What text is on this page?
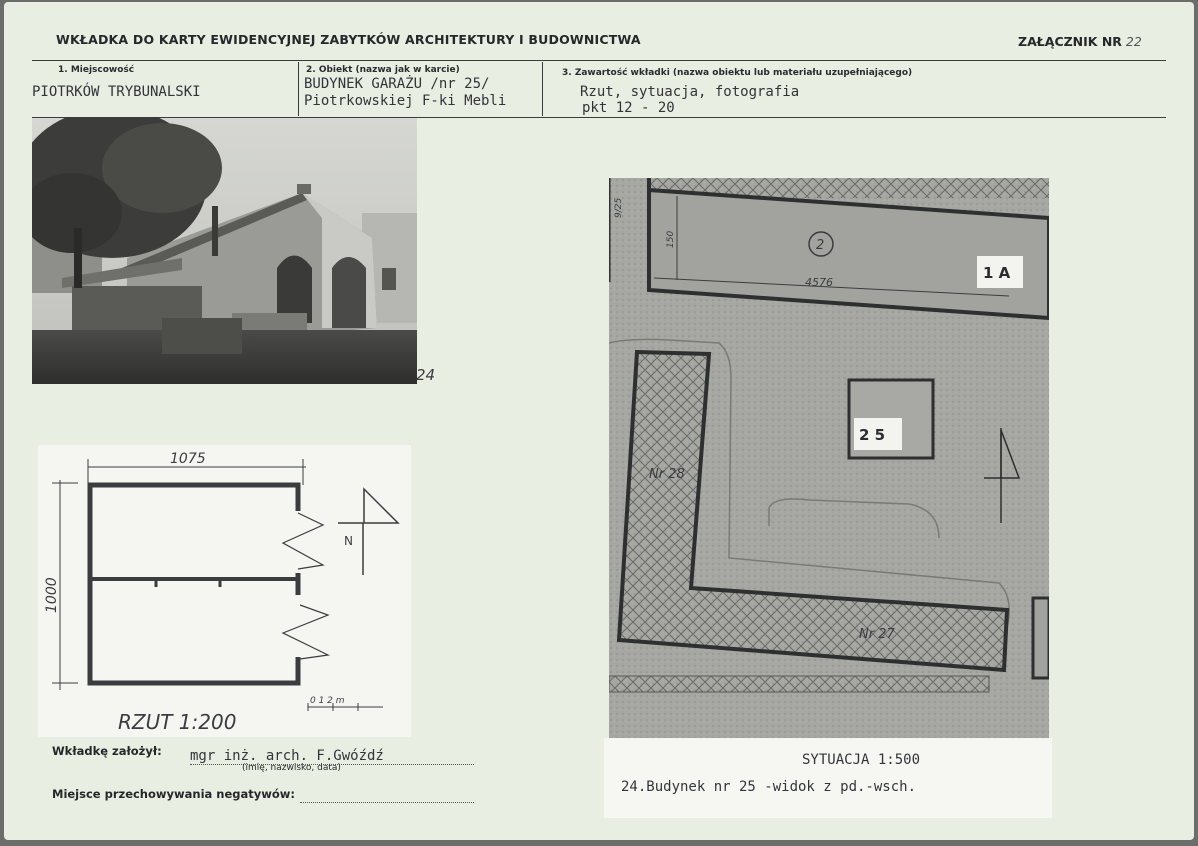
WKŁADKA DO KARTY EWIDENCYJNEJ ZABYTKÓW ARCHITEKTURY I BUDOWNICTWA	ZAŁĄCZNIK NR 22
1. Miejscowość
PIOTRKÓW TRYBUNALSKI
2. Obiekt (nazwa jak w karcie)
BUDYNEK GARAŻU /nr 25/
Piotrkowskiej F-ki Mebli
3. Zawartość wkładki (nazwa obiektu lub materiału uzupełniającego)
Rzut, sytuacja, fotografia
pkt 12 - 20
24
1075
1000
N
0 1 2 m
RZUT 1:200
2
4576
150
9/25
1 A
Nr 28
Nr 27
2 5
SYTUACJA 1:500
24.Budynek nr 25 -widok z pd.-wsch.
Wkładkę założył: mgr inż. arch. F.Gwóźdź
(imię, nazwisko, data)
Miejsce przechowywania negatywów:
